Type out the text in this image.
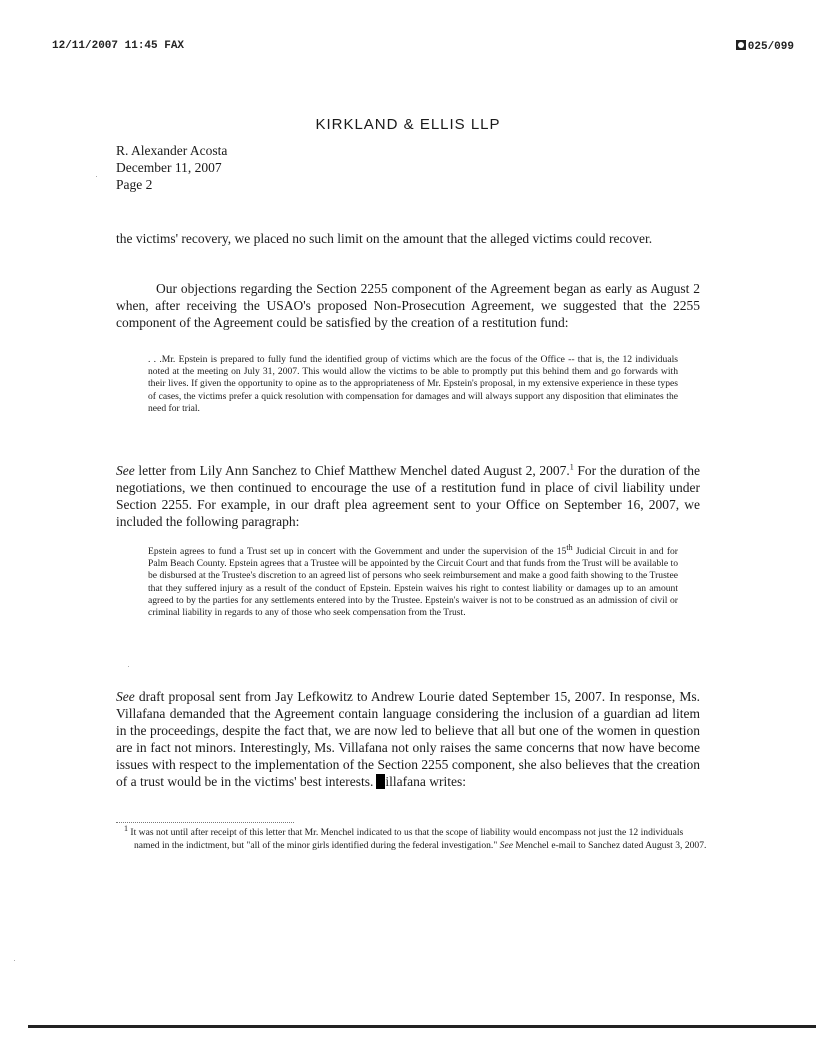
12/11/2007 11:45 FAX	025/099
KIRKLAND & ELLIS LLP
R. Alexander Acosta
December 11, 2007
Page 2
the victims' recovery, we placed no such limit on the amount that the alleged victims could recover.
Our objections regarding the Section 2255 component of the Agreement began as early as August 2 when, after receiving the USAO's proposed Non-Prosecution Agreement, we suggested that the 2255 component of the Agreement could be satisfied by the creation of a restitution fund:
. . .Mr. Epstein is prepared to fully fund the identified group of victims which are the focus of the Office -- that is, the 12 individuals noted at the meeting on July 31, 2007. This would allow the victims to be able to promptly put this behind them and go forwards with their lives. If given the opportunity to opine as to the appropriateness of Mr. Epstein's proposal, in my extensive experience in these types of cases, the victims prefer a quick resolution with compensation for damages and will always support any disposition that eliminates the need for trial.
See letter from Lily Ann Sanchez to Chief Matthew Menchel dated August 2, 2007.$^1$ For the duration of the negotiations, we then continued to encourage the use of a restitution fund in place of civil liability under Section 2255. For example, in our draft plea agreement sent to your Office on September 16, 2007, we included the following paragraph:
Epstein agrees to fund a Trust set up in concert with the Government and under the supervision of the 15th Judicial Circuit in and for Palm Beach County. Epstein agrees that a Trustee will be appointed by the Circuit Court and that funds from the Trust will be available to be disbursed at the Trustee's discretion to an agreed list of persons who seek reimbursement and make a good faith showing to the Trustee that they suffered injury as a result of the conduct of Epstein. Epstein waives his right to contest liability or damages up to an amount agreed to by the parties for any settlements entered into by the Trustee. Epstein's waiver is not to be construed as an admission of civil or criminal liability in regards to any of those who seek compensation from the Trust.
See draft proposal sent from Jay Lefkowitz to Andrew Lourie dated September 15, 2007. In response, Ms. Villafana demanded that the Agreement contain language considering the inclusion of a guardian ad litem in the proceedings, despite the fact that, we are now led to believe that all but one of the women in question are in fact not minors. Interestingly, Ms. Villafana not only raises the same concerns that now have become issues with respect to the implementation of the Section 2255 component, she also believes that the creation of a trust would be in the victims' best interests. illafana writes:
$^1$ It was not until after receipt of this letter that Mr. Menchel indicated to us that the scope of liability would encompass not just the 12 individuals named in the indictment, but "all of the minor girls identified during the federal investigation." See Menchel e-mail to Sanchez dated August 3, 2007.
